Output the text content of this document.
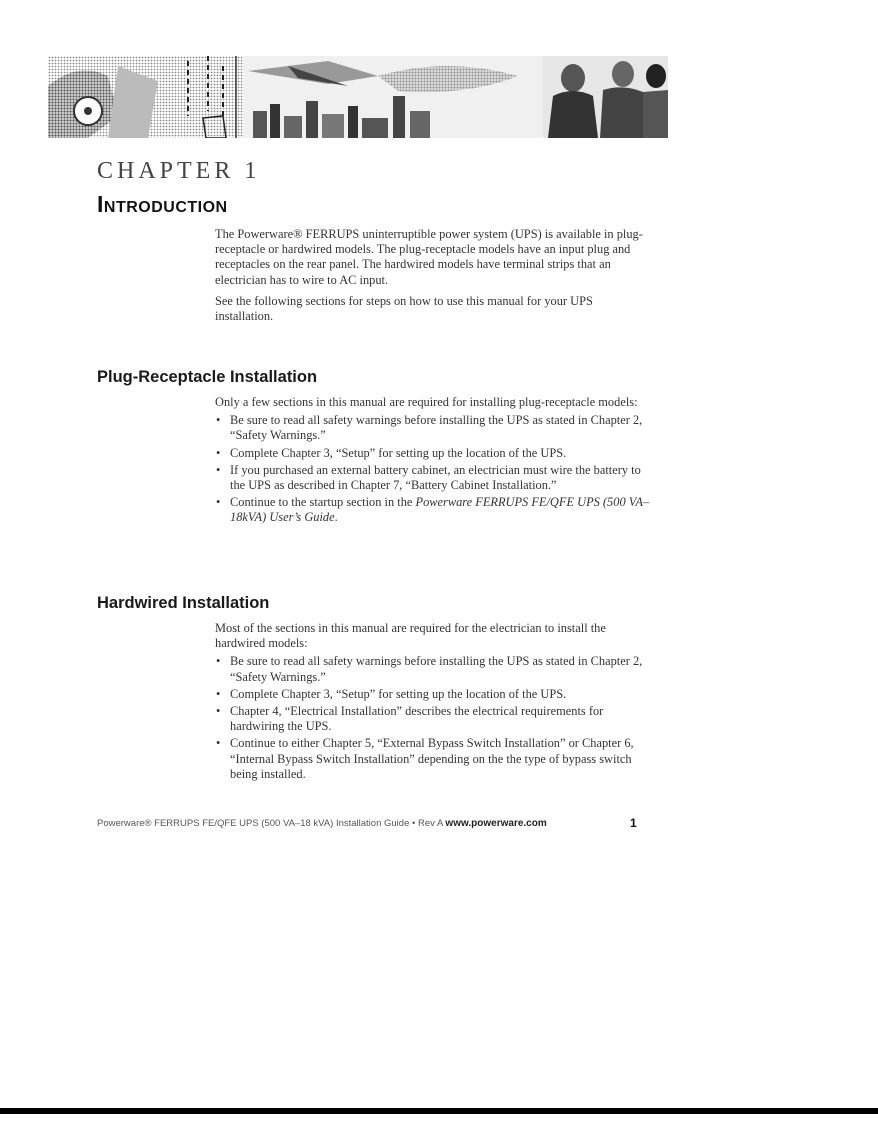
CHAPTER 1
Introduction

The Powerware® FERRUPS uninterruptible power system (UPS) is available in plug-receptacle or hardwired models. The plug-receptacle models have an input plug and receptacles on the rear panel. The hardwired models have terminal strips that an electrician has to wire to AC input.

See the following sections for steps on how to use this manual for your UPS installation.

Plug-Receptacle Installation

Only a few sections in this manual are required for installing plug-receptacle models:

• Be sure to read all safety warnings before installing the UPS as stated in Chapter 2, “Safety Warnings.”
• Complete Chapter 3, “Setup” for setting up the location of the UPS.
• If you purchased an external battery cabinet, an electrician must wire the battery to the UPS as described in Chapter 7, “Battery Cabinet Installation.”
• Continue to the startup section in the Powerware FERRUPS FE/QFE UPS (500 VA–18kVA) User’s Guide.
Hardwired Installation

Most of the sections in this manual are required for the electrician to install the hardwired models:

• Be sure to read all safety warnings before installing the UPS as stated in Chapter 2, “Safety Warnings.”
• Complete Chapter 3, “Setup” for setting up the location of the UPS.
• Chapter 4, “Electrical Installation” describes the electrical requirements for hardwiring the UPS.
• Continue to either Chapter 5, “External Bypass Switch Installation” or Chapter 6, “Internal Bypass Switch Installation” depending on the the type of bypass switch being installed.
Powerware® FERRUPS FE/QFE UPS (500 VA–18 kVA) Installation Guide • Rev A www.powerware.com	1
